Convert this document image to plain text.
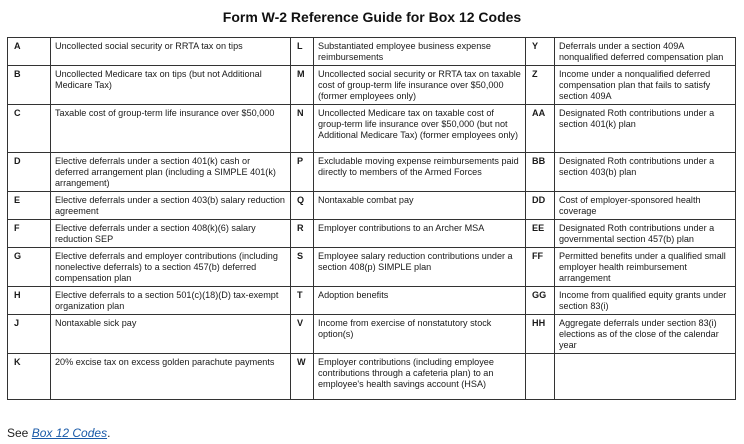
Form W-2 Reference Guide for Box 12 Codes
A	Uncollected social security or RRTA tax on tips	L	Substantiated employee business expense reimbursements	Y	Deferrals under a section 409A nonqualified deferred compensation plan
B	Uncollected Medicare tax on tips (but not Additional Medicare Tax)	M	Uncollected social security or RRTA tax on taxable cost of group-term life insurance over $50,000 (former employees only)	Z	Income under a nonqualified deferred compensation plan that fails to satisfy section 409A
C	Taxable cost of group-term life insurance over $50,000	N	Uncollected Medicare tax on taxable cost of group-term life insurance over $50,000 (but not Additional Medicare Tax) (former employees only)	AA	Designated Roth contributions under a section 401(k) plan
D	Elective deferrals under a section 401(k) cash or deferred arrangement plan (including a SIMPLE 401(k) arrangement)	P	Excludable moving expense reimbursements paid directly to members of the Armed Forces	BB	Designated Roth contributions under a section 403(b) plan
E	Elective deferrals under a section 403(b) salary reduction agreement	Q	Nontaxable combat pay	DD	Cost of employer-sponsored health coverage
F	Elective deferrals under a section 408(k)(6) salary reduction SEP	R	Employer contributions to an Archer MSA	EE	Designated Roth contributions under a governmental section 457(b) plan
G	Elective deferrals and employer contributions (including nonelective deferrals) to a section 457(b) deferred compensation plan	S	Employee salary reduction contributions under a section 408(p) SIMPLE plan	FF	Permitted benefits under a qualified small employer health reimbursement arrangement
H	Elective deferrals to a section 501(c)(18)(D) tax-exempt organization plan	T	Adoption benefits	GG	Income from qualified equity grants under section 83(i)
J	Nontaxable sick pay	V	Income from exercise of nonstatutory stock option(s)	HH	Aggregate deferrals under section 83(i) elections as of the close of the calendar year
K	20% excise tax on excess golden parachute payments	W	Employer contributions (including employee contributions through a cafeteria plan) to an employee's health savings account (HSA)		
See Box 12 Codes.
